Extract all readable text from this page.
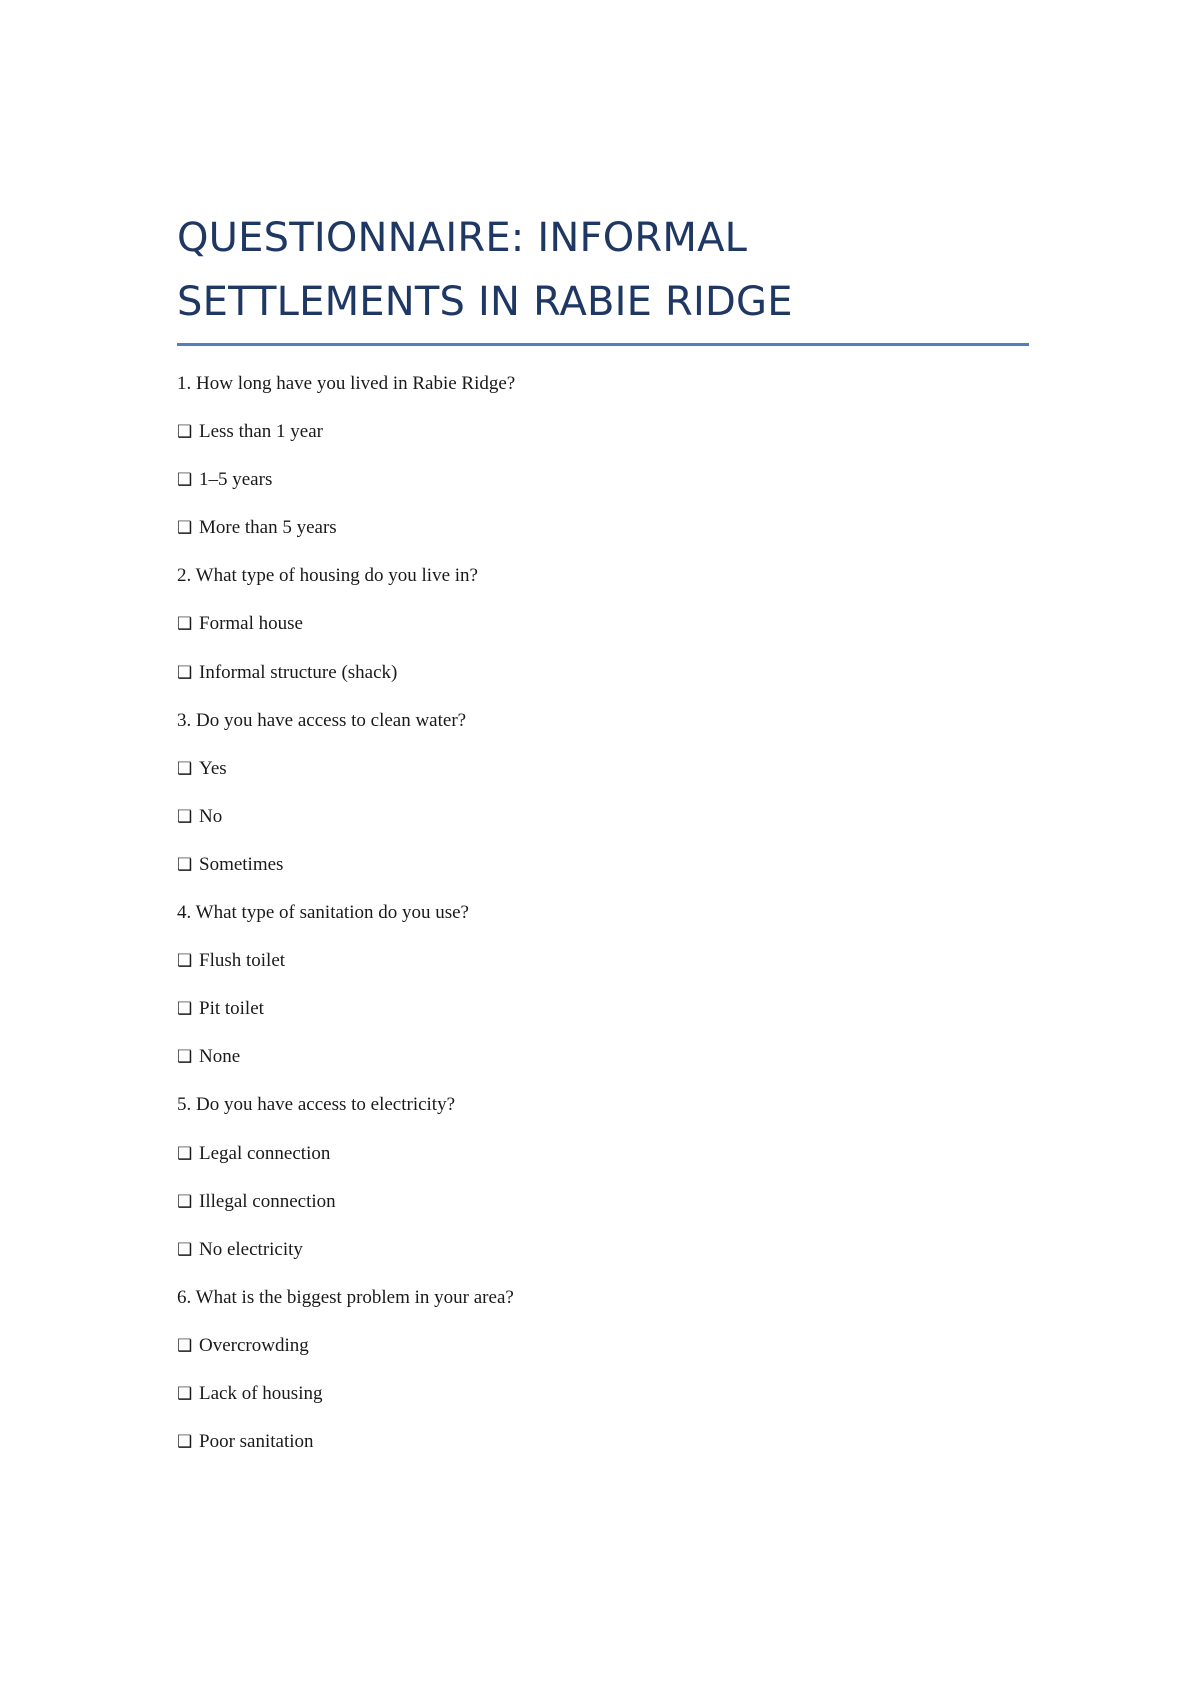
QUESTIONNAIRE: INFORMAL
SETTLEMENTS IN RABIE RIDGE
1. How long have you lived in Rabie Ridge?
❑ Less than 1 year
❑ 1–5 years
❑ More than 5 years
2. What type of housing do you live in?
❑ Formal house
❑ Informal structure (shack)
3. Do you have access to clean water?
❑ Yes
❑ No
❑ Sometimes
4. What type of sanitation do you use?
❑ Flush toilet
❑ Pit toilet
❑ None
5. Do you have access to electricity?
❑ Legal connection
❑ Illegal connection
❑ No electricity
6. What is the biggest problem in your area?
❑ Overcrowding
❑ Lack of housing
❑ Poor sanitation
